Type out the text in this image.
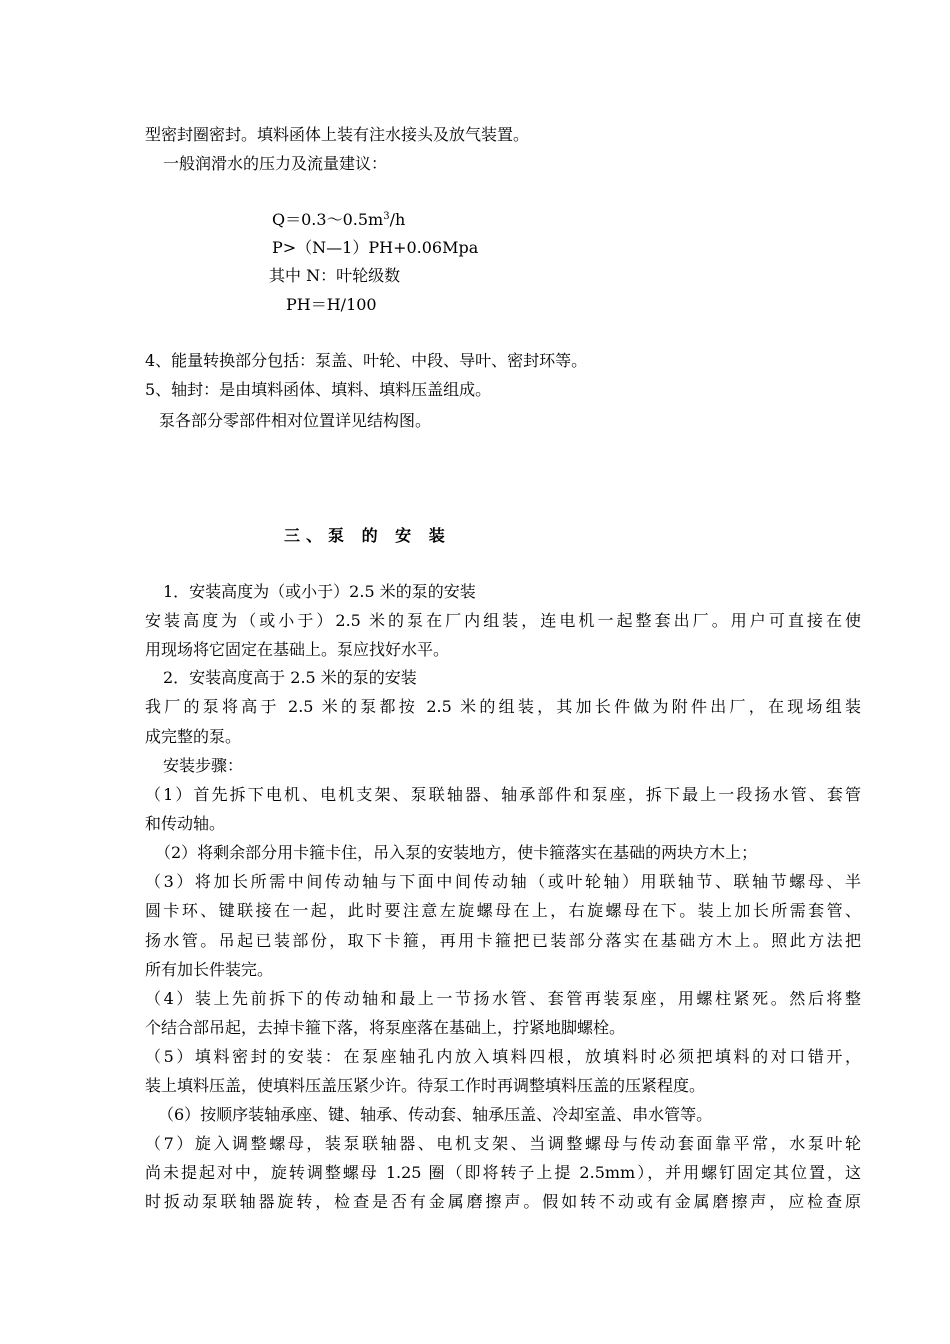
型密封圈密封。填料函体上装有注水接头及放气装置。
一般润滑水的压力及流量建议：
$Q=0.3\sim 0.5m^3/h$
P>（N—1）PH+0.06Mpa
其中 N：叶轮级数
PH＝H/100
4、能量转换部分包括：泵盖、叶轮、中段、导叶、密封环等。
5、轴封：是由填料函体、填料、填料压盖组成。
泵各部分零部件相对位置详见结构图。
三、泵 的 安 装
1．安装高度为（或小于）2.5 米的泵的安装
安装高度为（或小于）2.5 米的泵在厂内组装，连电机一起整套出厂。用户可直接在使
用现场将它固定在基础上。泵应找好水平。
2．安装高度高于 2.5 米的泵的安装
我厂的泵将高于 2.5 米的泵都按 2.5 米的组装，其加长件做为附件出厂，在现场组装
成完整的泵。
安装步骤：
（1）首先拆下电机、电机支架、泵联轴器、轴承部件和泵座，拆下最上一段扬水管、套管
和传动轴。
（2）将剩余部分用卡箍卡住，吊入泵的安装地方，使卡箍落实在基础的两块方木上；
（3）将加长所需中间传动轴与下面中间传动轴（或叶轮轴）用联轴节、联轴节螺母、半
圆卡环、键联接在一起，此时要注意左旋螺母在上，右旋螺母在下。装上加长所需套管、
扬水管。吊起已装部份，取下卡箍，再用卡箍把已装部分落实在基础方木上。照此方法把
所有加长件装完。
（4）装上先前拆下的传动轴和最上一节扬水管、套管再装泵座，用螺柱紧死。然后将整
个结合部吊起，去掉卡箍下落，将泵座落在基础上，拧紧地脚螺栓。
（5）填料密封的安装：在泵座轴孔内放入填料四根，放填料时必须把填料的对口错开，
装上填料压盖，使填料压盖压紧少许。待泵工作时再调整填料压盖的压紧程度。
（6）按顺序装轴承座、键、轴承、传动套、轴承压盖、冷却室盖、串水管等。
（7）旋入调整螺母，装泵联轴器、电机支架、当调整螺母与传动套面靠平常，水泵叶轮
尚未提起对中，旋转调整螺母 1.25 圈（即将转子上提 2.5mm），并用螺钉固定其位置，这
时扳动泵联轴器旋转，检查是否有金属磨擦声。假如转不动或有金属磨擦声，应检查原
